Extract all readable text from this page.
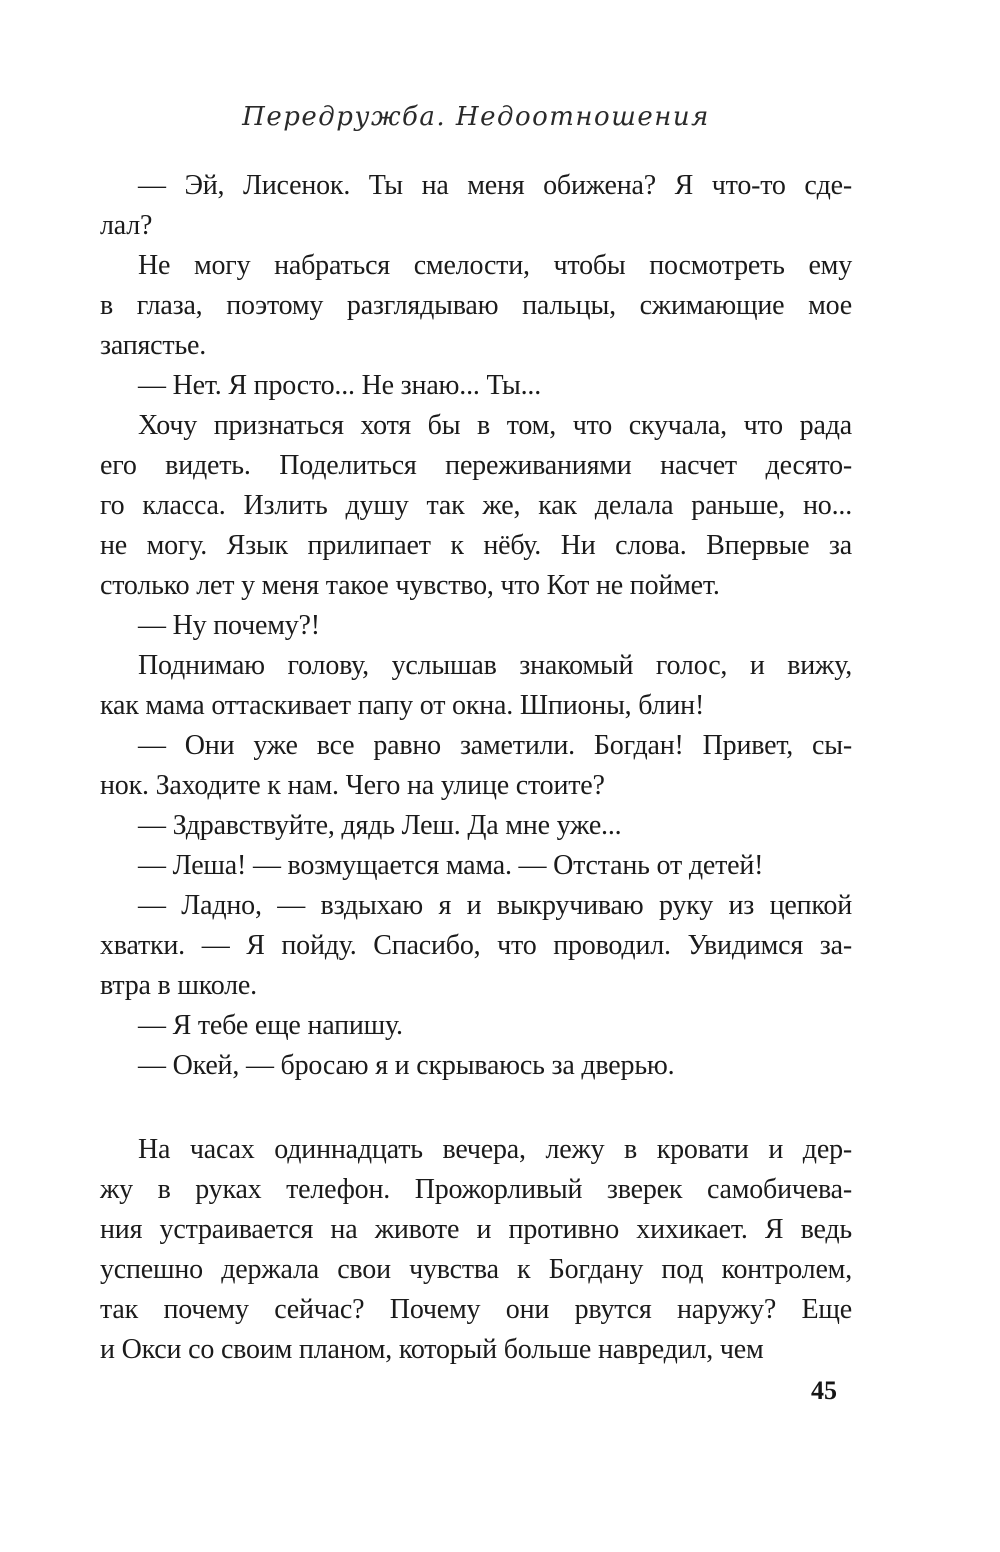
Передружба. Недоотношения
— Эй, Лисенок. Ты на меня обижена? Я что-то сде-
лал?
Не могу набраться смелости, чтобы посмотреть ему
в глаза, поэтому разглядываю пальцы, сжимающие мое
запястье.
— Нет. Я просто... Не знаю... Ты...
Хочу признаться хотя бы в том, что скучала, что рада
его видеть. Поделиться переживаниями насчет десято-
го класса. Излить душу так же, как делала раньше, но...
не могу. Язык прилипает к нёбу. Ни слова. Впервые за
столько лет у меня такое чувство, что Кот не поймет.
— Ну почему?!
Поднимаю голову, услышав знакомый голос, и вижу,
как мама оттаскивает папу от окна. Шпионы, блин!
— Они уже все равно заметили. Богдан! Привет, сы-
нок. Заходите к нам. Чего на улице стоите?
— Здравствуйте, дядь Леш. Да мне уже...
— Леша! — возмущается мама. — Отстань от детей!
— Ладно, — вздыхаю я и выкручиваю руку из цепкой
хватки. — Я пойду. Спасибо, что проводил. Увидимся за-
втра в школе.
— Я тебе еще напишу.
— Окей, — бросаю я и скрываюсь за дверью.
На часах одиннадцать вечера, лежу в кровати и дер-
жу в руках телефон. Прожорливый зверек самобичева-
ния устраивается на животе и противно хихикает. Я ведь
успешно держала свои чувства к Богдану под контролем,
так почему сейчас? Почему они рвутся наружу? Еще
и Окси со своим планом, который больше навредил, чем
45
